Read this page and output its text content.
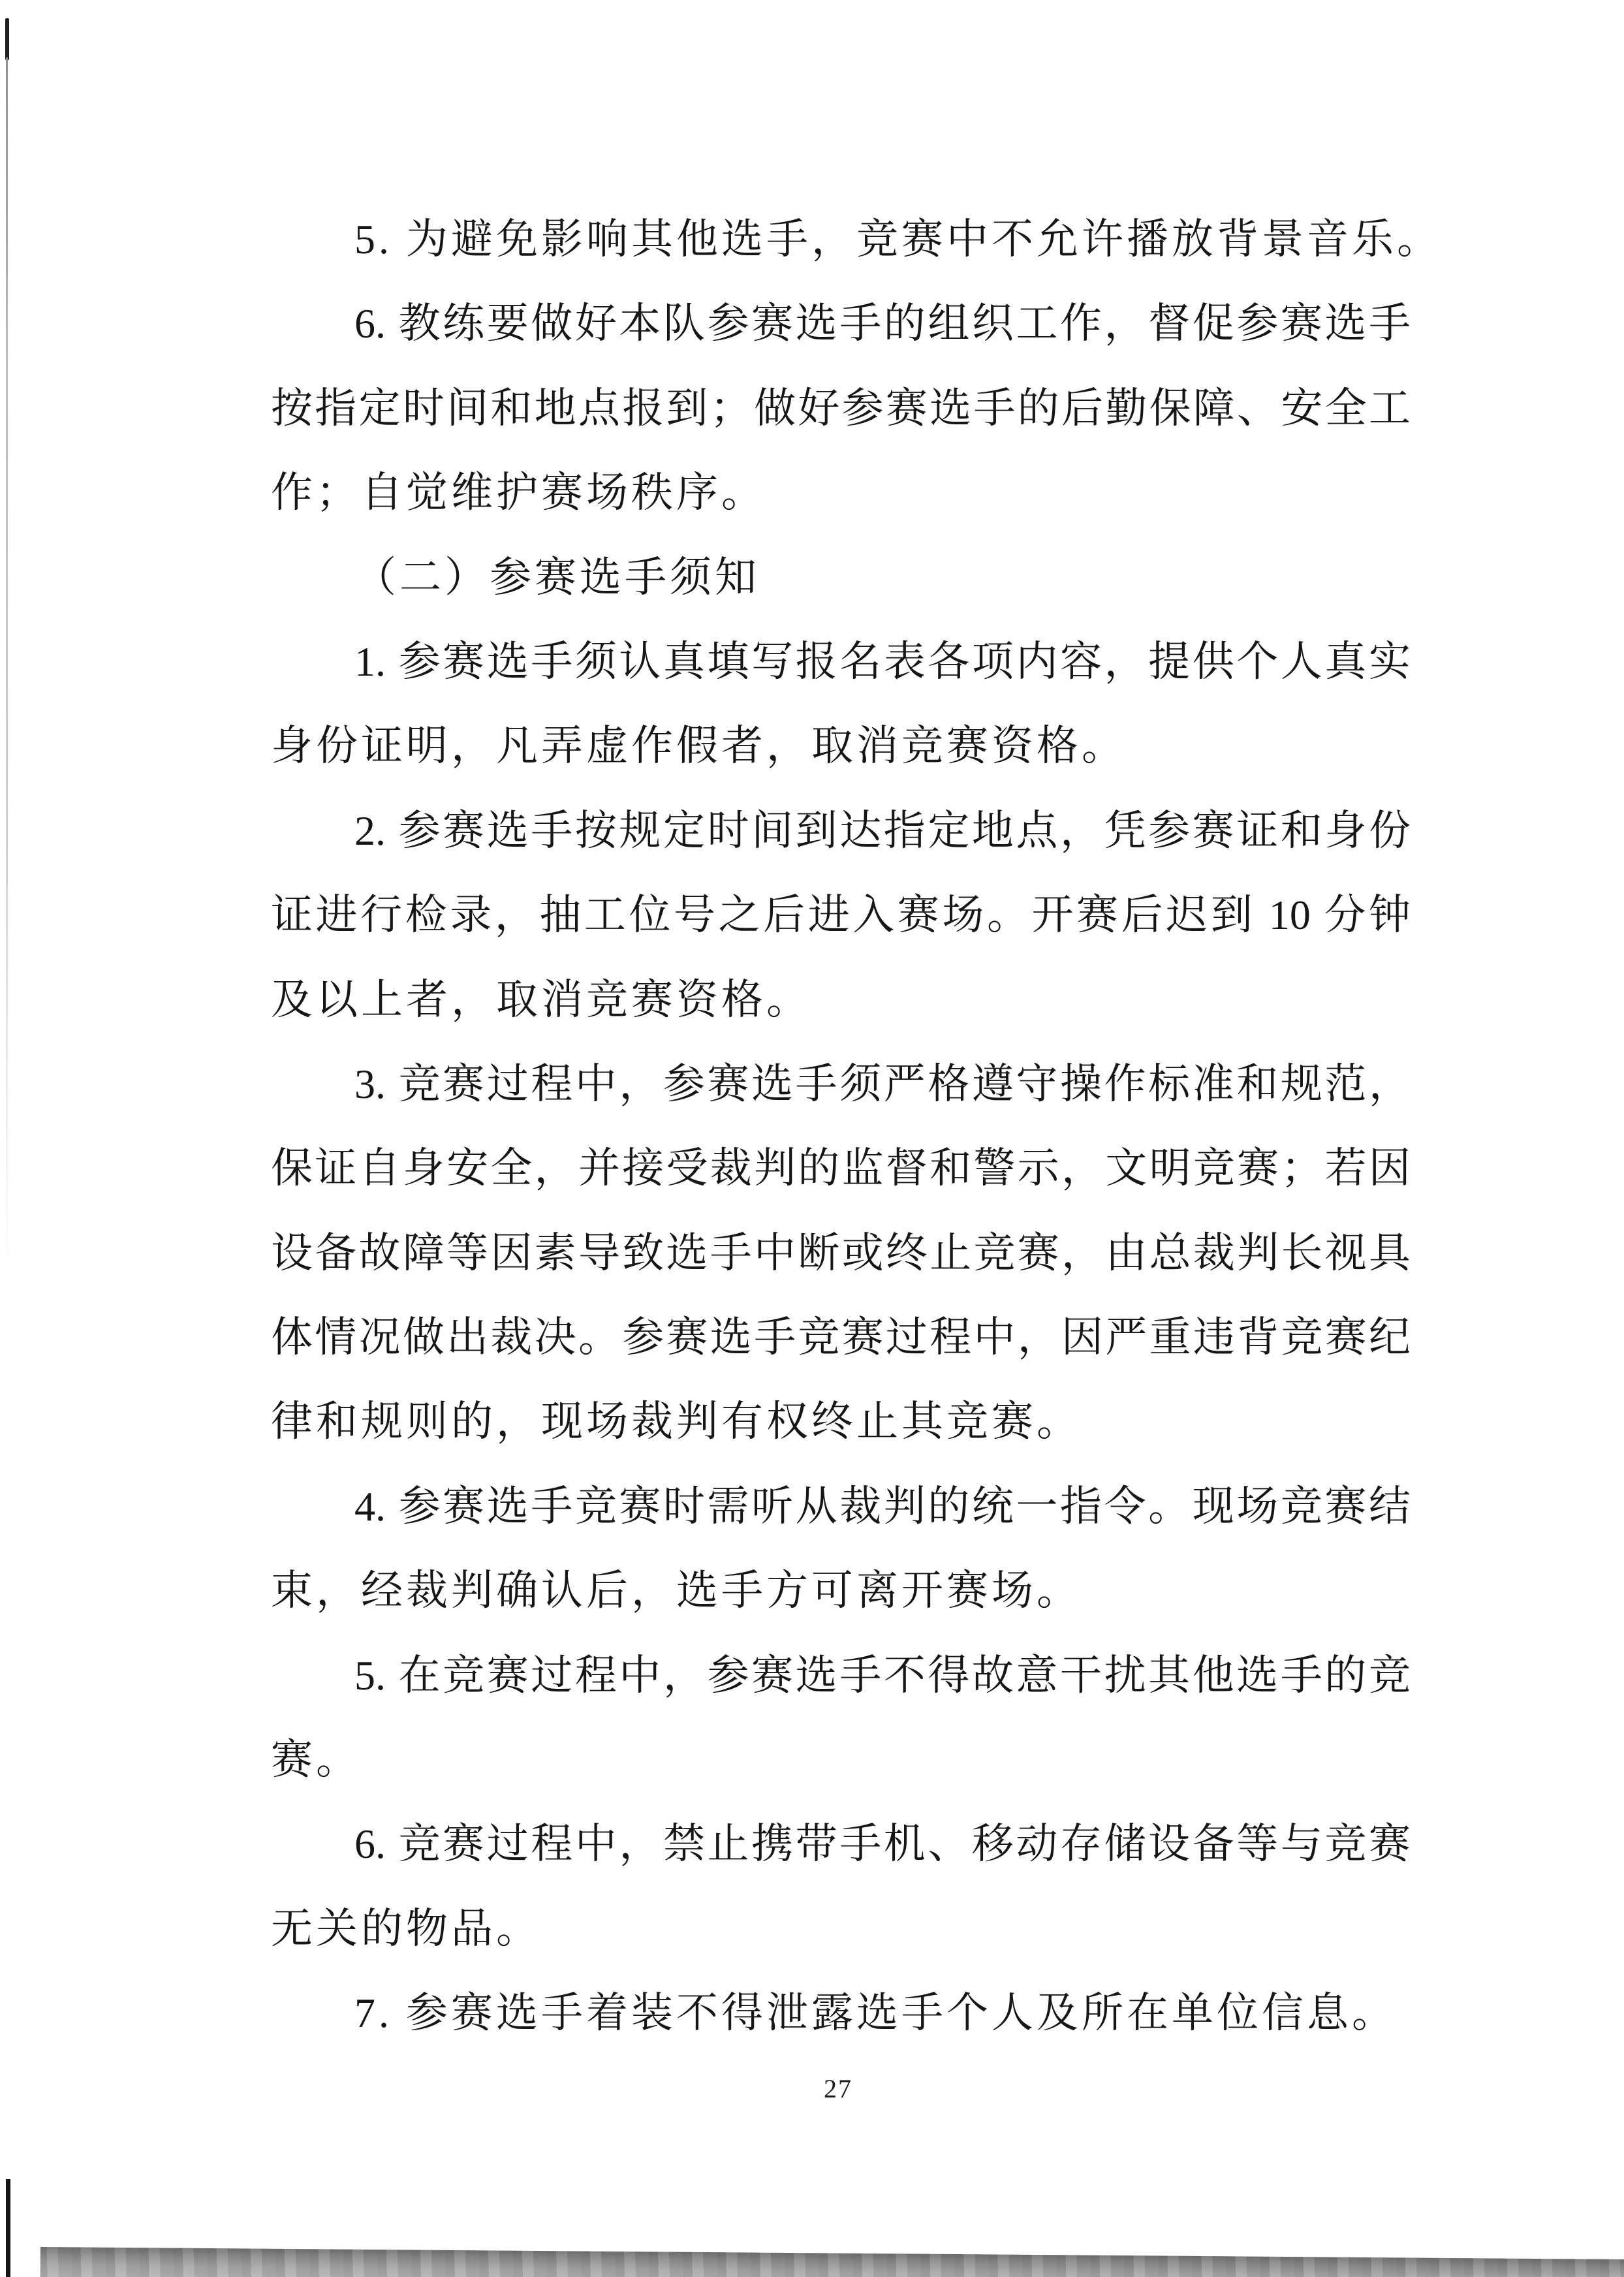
5. 为避免影响其他选手，竞赛中不允许播放背景音乐。
6. 教练要做好本队参赛选手的组织工作，督促参赛选手
按指定时间和地点报到；做好参赛选手的后勤保障、安全工
作；自觉维护赛场秩序。
（二）参赛选手须知
1. 参赛选手须认真填写报名表各项内容，提供个人真实
身份证明，凡弄虚作假者，取消竞赛资格。
2. 参赛选手按规定时间到达指定地点，凭参赛证和身份
证进行检录，抽工位号之后进入赛场。开赛后迟到 10 分钟
及以上者，取消竞赛资格。
3. 竞赛过程中，参赛选手须严格遵守操作标准和规范，
保证自身安全，并接受裁判的监督和警示，文明竞赛；若因
设备故障等因素导致选手中断或终止竞赛，由总裁判长视具
体情况做出裁决。参赛选手竞赛过程中，因严重违背竞赛纪
律和规则的，现场裁判有权终止其竞赛。
4. 参赛选手竞赛时需听从裁判的统一指令。现场竞赛结
束，经裁判确认后，选手方可离开赛场。
5. 在竞赛过程中，参赛选手不得故意干扰其他选手的竞
赛。
6. 竞赛过程中，禁止携带手机、移动存储设备等与竞赛
无关的物品。
7. 参赛选手着装不得泄露选手个人及所在单位信息。
27
